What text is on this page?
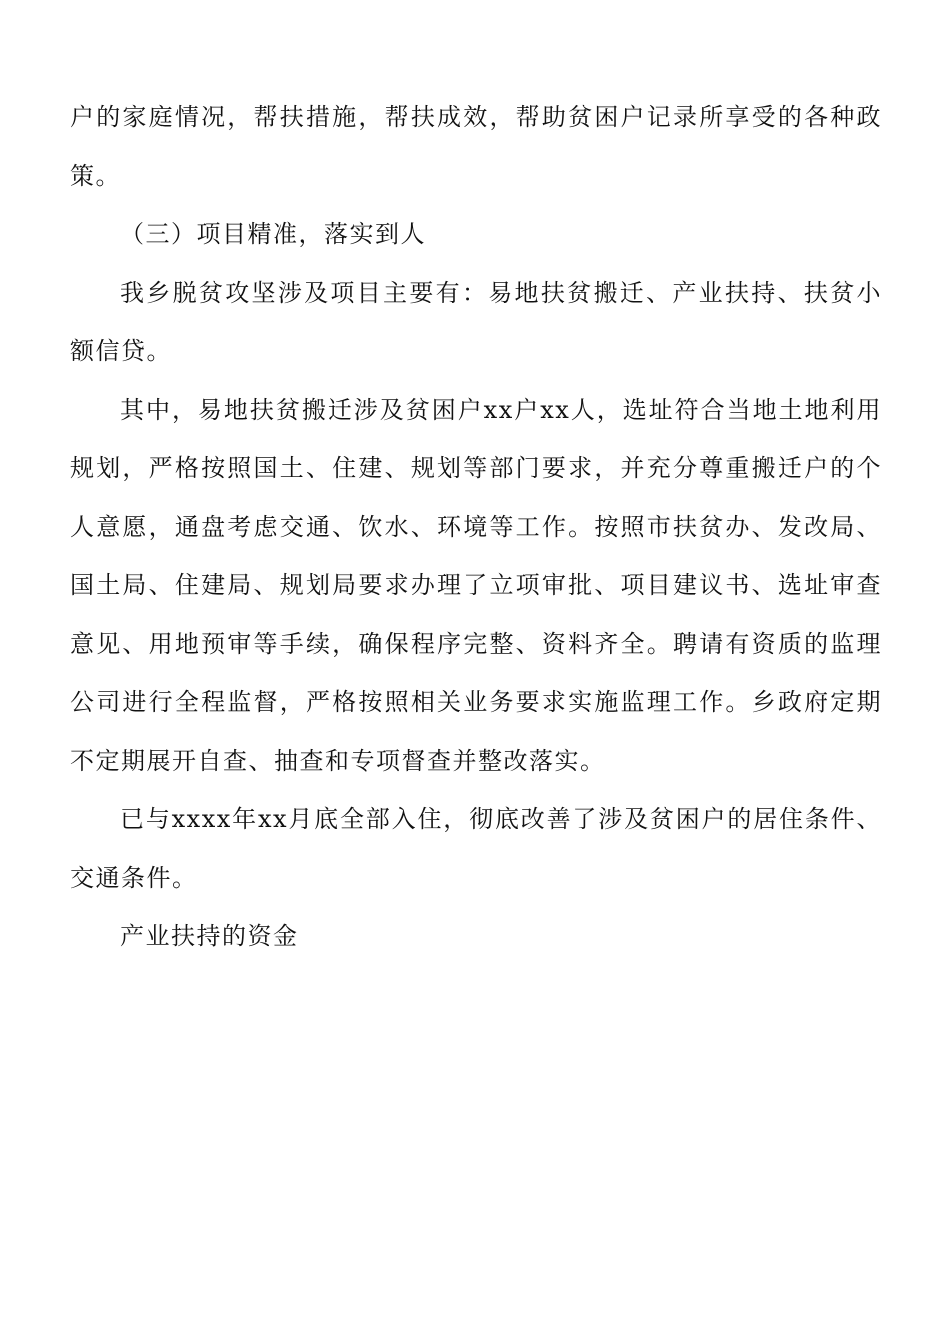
户的家庭情况，帮扶措施，帮扶成效，帮助贫困户记录所享受的各种政策。

（三）项目精准，落实到人

我乡脱贫攻坚涉及项目主要有：易地扶贫搬迁、产业扶持、扶贫小额信贷。

其中，易地扶贫搬迁涉及贫困户xx户xx人，选址符合当地土地利用规划，严格按照国土、住建、规划等部门要求，并充分尊重搬迁户的个人意愿，通盘考虑交通、饮水、环境等工作。按照市扶贫办、发改局、国土局、住建局、规划局要求办理了立项审批、项目建议书、选址审查意见、用地预审等手续，确保程序完整、资料齐全。聘请有资质的监理公司进行全程监督，严格按照相关业务要求实施监理工作。乡政府定期不定期展开自查、抽查和专项督查并整改落实。

已与xxxx年xx月底全部入住，彻底改善了涉及贫困户的居住条件、交通条件。

产业扶持的资金
